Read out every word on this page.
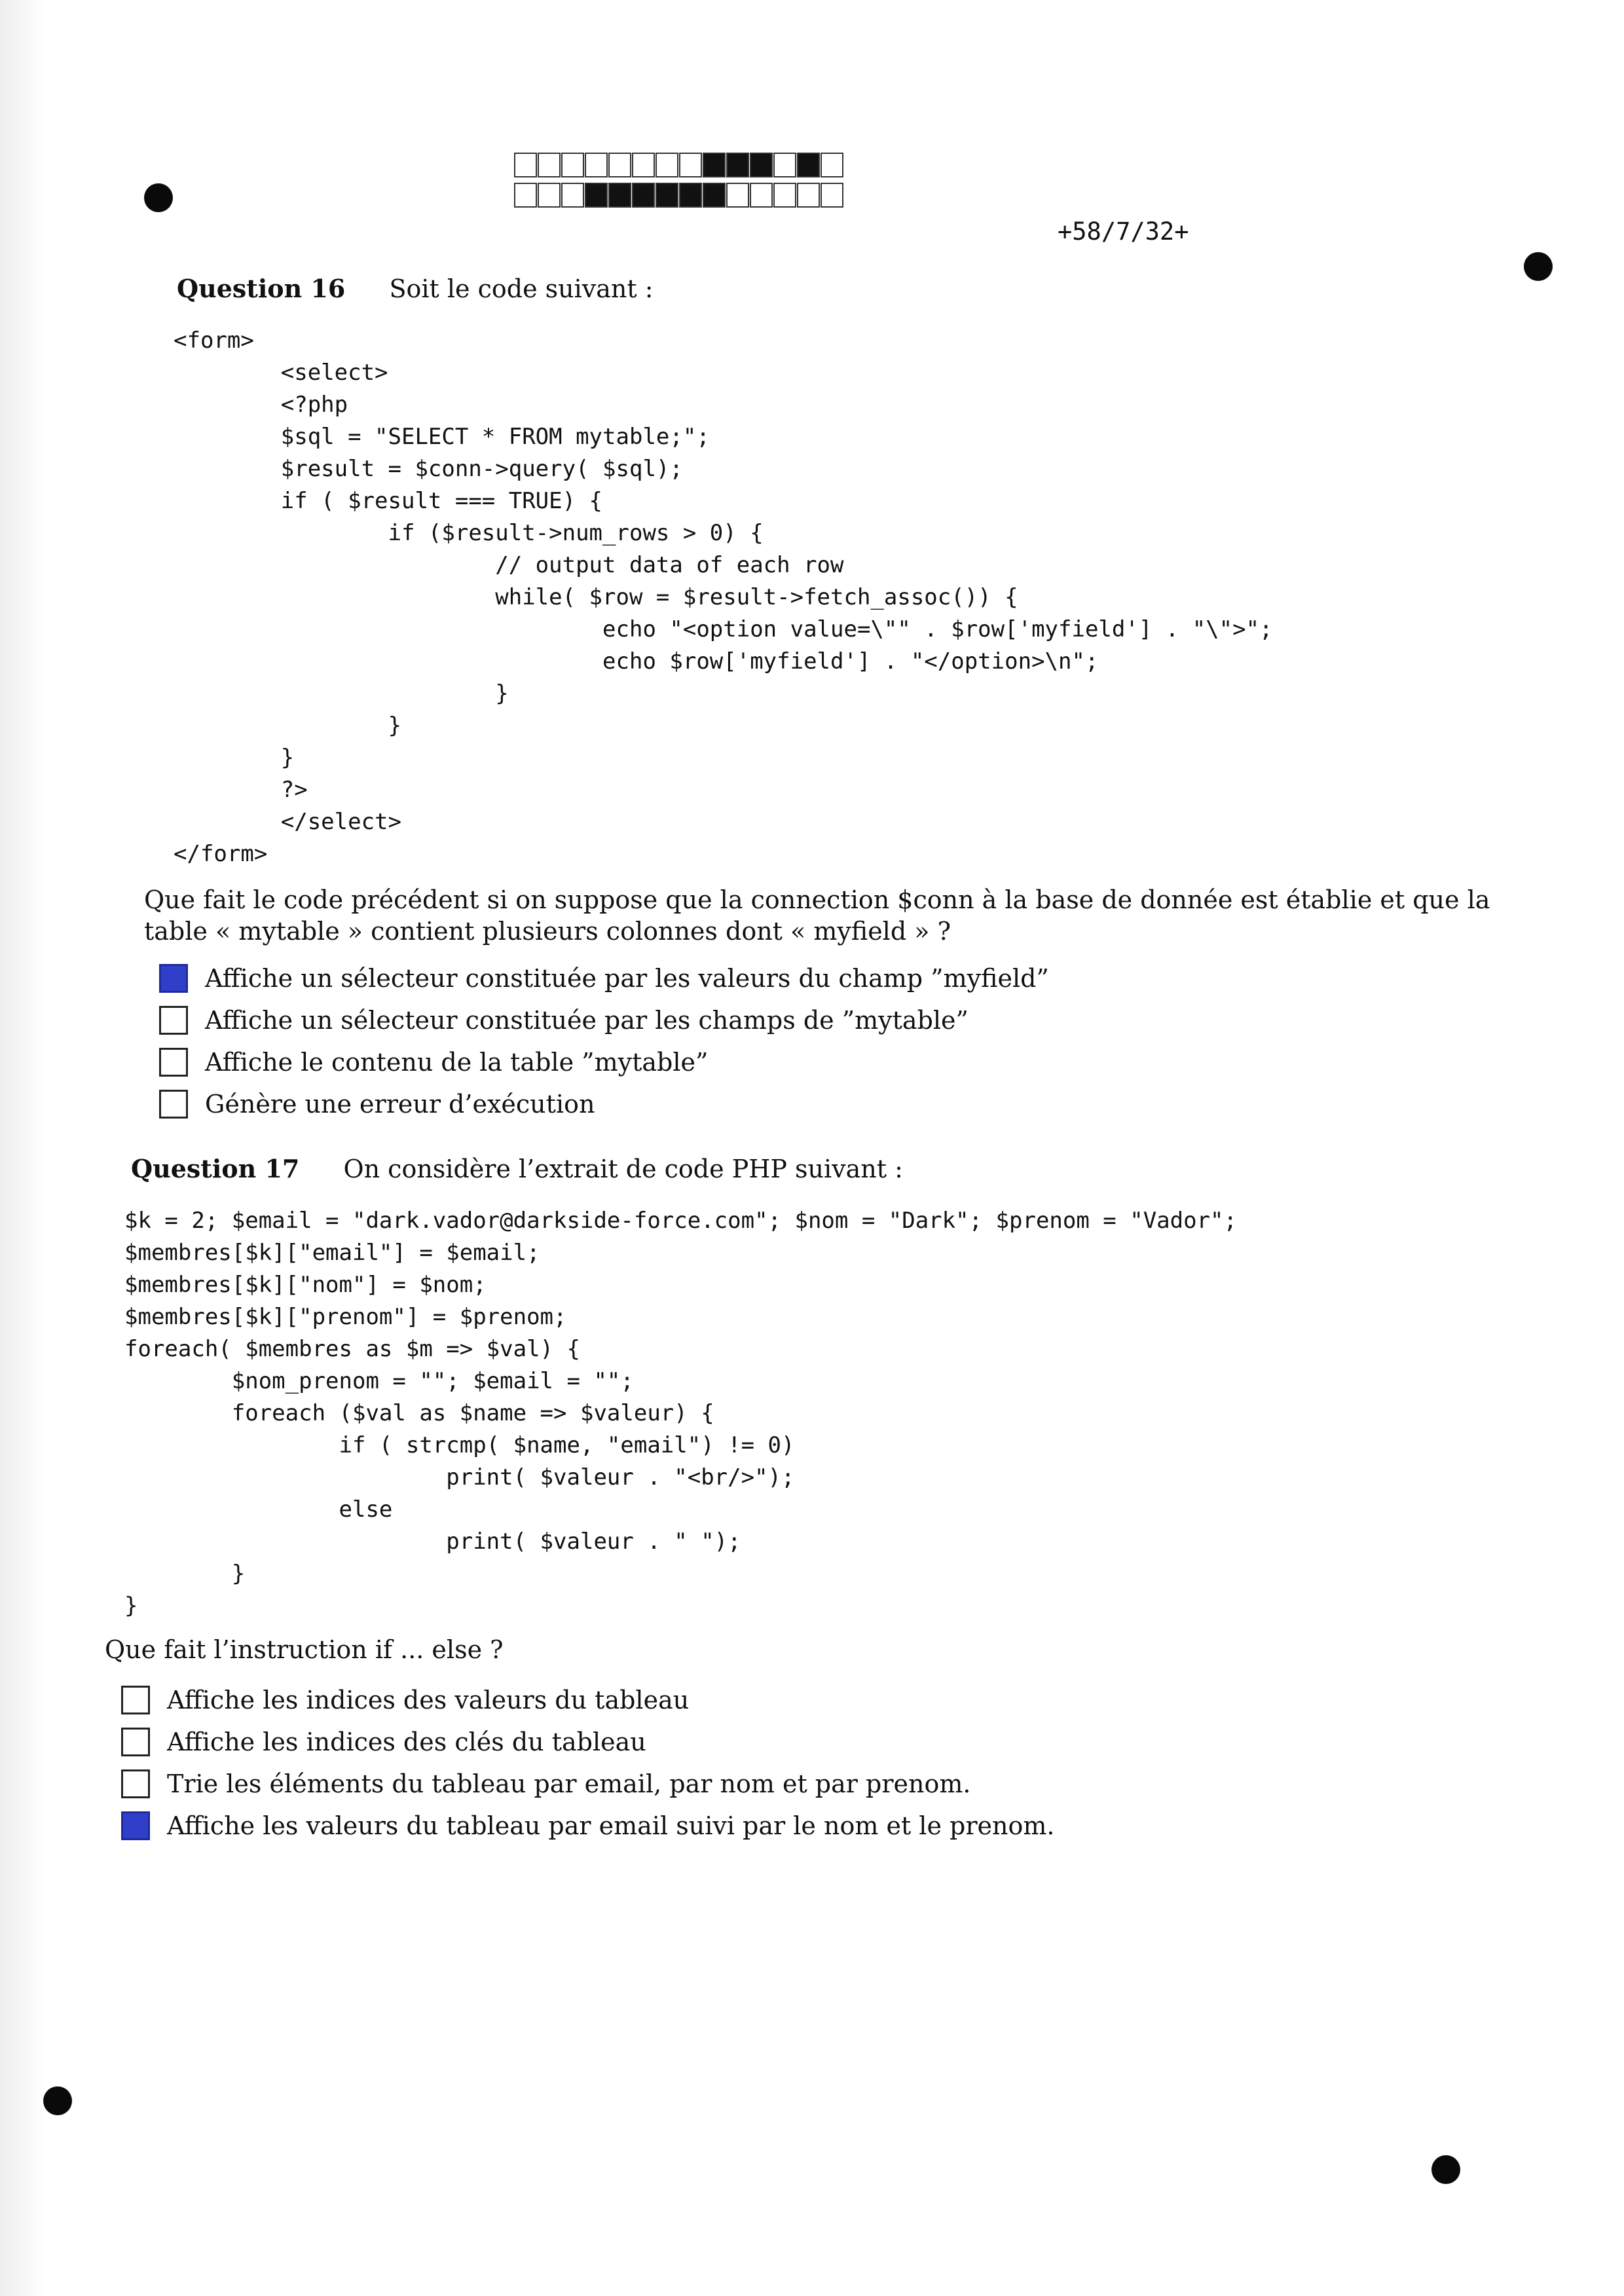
+58/7/32+
Question 16 Soit le code suivant :
<form>
<select>
<?php
$sql = "SELECT * FROM mytable;";
$result = $conn->query( $sql);
if ( $result === TRUE) {
if ($result->num_rows > 0) {
// output data of each row
while( $row = $result->fetch_assoc()) {
echo "<option value=\"" . $row['myfield'] . "\">";
echo $row['myfield'] . "</option>\n";
}
}
}
?>
</select>
</form>

Que fait le code précédent si on suppose que la connection $conn à la base de donnée est établie et que la table « mytable » contient plusieurs colonnes dont « myfield » ?

Affiche un sélecteur constituée par les valeurs du champ ”myfield”
Affiche un sélecteur constituée par les champs de ”mytable”
Affiche le contenu de la table ”mytable”
Génère une erreur d’exécution
Question 17 On considère l’extrait de code PHP suivant :
$k = 2; $email = "dark.vador@darkside-force.com"; $nom = "Dark"; $prenom = "Vador";
$membres[$k]["email"] = $email;
$membres[$k]["nom"] = $nom;
$membres[$k]["prenom"] = $prenom;
foreach( $membres as $m => $val) {
$nom_prenom = ""; $email = "";
foreach ($val as $name => $valeur) {
if ( strcmp( $name, "email") != 0)
print( $valeur . "<br/>");
else
print( $valeur . " ");
}
}

Que fait l’instruction if ... else ?

Affiche les indices des valeurs du tableau
Affiche les indices des clés du tableau
Trie les éléments du tableau par email, par nom et par prenom.
Affiche les valeurs du tableau par email suivi par le nom et le prenom.
